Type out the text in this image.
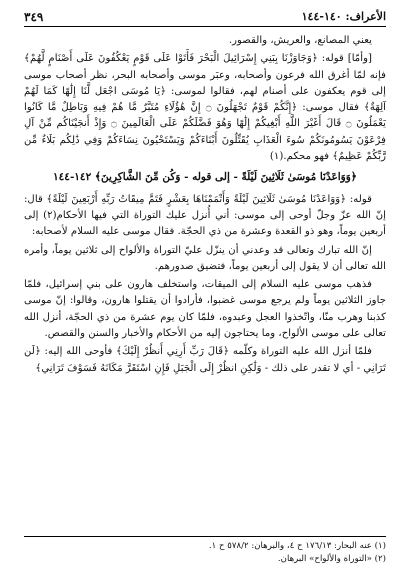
الأعراف: ١٤٠-١٤٤
٣٤٩

يعني المصانع، والعريش، والقصور.

[وأمّا] قوله: ﴿وَجَاوَزْنَا بِبَنِي إِسْرَائِيلَ الْبَحْرَ فَأَتَوْا عَلَى قَوْمٍ يَعْكُفُونَ عَلَى أَصْنَامٍ لَّهُمْ﴾ فإنه لمّا أغرق الله فرعون وأصحابه، وعبَر موسى وأصحابه البحر، نظر أصحاب موسى إلى قوم يعكفون على أصنام لهم، فقالوا لموسى: ﴿يَا مُوسَى اجْعَل لَّنَا إِلَٰهًا كَمَا لَهُمْ آلِهَةٌ﴾ فقال موسى: ﴿إِنَّكُمْ قَوْمٌ تَجْهَلُونَ ۝ إِنَّ هَٰؤُلَاءِ مُتَبَّرٌ مَّا هُمْ فِيهِ وَبَاطِلٌ مَّا كَانُوا يَعْمَلُونَ ۝ قَالَ أَغَيْرَ اللَّهِ أَبْغِيكُمْ إِلَٰهًا وَهُوَ فَضَّلَكُمْ عَلَى الْعَالَمِينَ ۝ وَإِذْ أَنجَيْنَاكُم مِّنْ آلِ فِرْعَوْنَ يَسُومُونَكُمْ سُوءَ الْعَذَابِ يُقَتِّلُونَ أَبْنَاءَكُمْ وَيَسْتَحْيُونَ نِسَاءَكُمْ وَفِي ذَٰلِكُم بَلَاءٌ مِّن رَّبِّكُمْ عَظِيمٌ﴾ فهو محكم.(١)

﴿وَوَاعَدْنَا مُوسَىٰ ثَلَاثِينَ لَيْلَةً - إلى قوله - وَكُن مِّنَ الشَّاكِرِينَ﴾ ١٤٢-١٤٤

قوله: ﴿وَوَاعَدْنَا مُوسَىٰ ثَلَاثِينَ لَيْلَةً وَأَتْمَمْنَاهَا بِعَشْرٍ فَتَمَّ مِيقَاتُ رَبِّهِ أَرْبَعِينَ لَيْلَةً﴾ قال: إنّ الله عزّ وجلّ أوحى إلى موسى: أني أُنزل عليك التوراة التي فيها الأحكام(٢) إلى أربعين يوماً، وهو ذو القعدة وعشرة من ذي الحجّة. فقال موسى عليه السلام لأصحابه:

إنّ الله تبارك وتعالى قد وعدني أن ينزّل عليّ التوراة والألواح إلى ثلاثين يوماً، وأمره الله تعالى أن لا يقول إلى أربعين يوماً، فتضيق صدورهم.

فذهب موسى عليه السلام إلى الميقات، واستخلف هارون على بني إسرائيل، فلمّا جاوز الثلاثين يوماً ولم يرجع موسى غضبوا، فأرادوا أن يقتلوا هارون، وقالوا: إنّ موسى كذبنا وهرب منّا، واتّخذوا العجل وعبدوه، فلمّا كان يوم عشرة من ذي الحجّة، أنزل الله تعالى على موسى الألواح، وما يحتاجون إليه من الأحكام والأخبار والسنن والقصص.

فلمّا أنزل الله عليه التوراة وكلّمه ﴿قَالَ رَبِّ أَرِنِي أَنظُرْ إِلَيْكَ﴾ فأوحى الله إليه: ﴿لَن تَرَانِي - أي لا تقدر على ذلك - وَلَٰكِنِ انظُرْ إِلَى الْجَبَلِ فَإِنِ اسْتَقَرَّ مَكَانَهُ فَسَوْفَ تَرَانِي﴾

(١) عنه البحار: ١٧٦/١٣ ح ٤، والبرهان: ٥٧٨/٢ ح ١.
(٢) «التوراة والألواح» البرهان.
